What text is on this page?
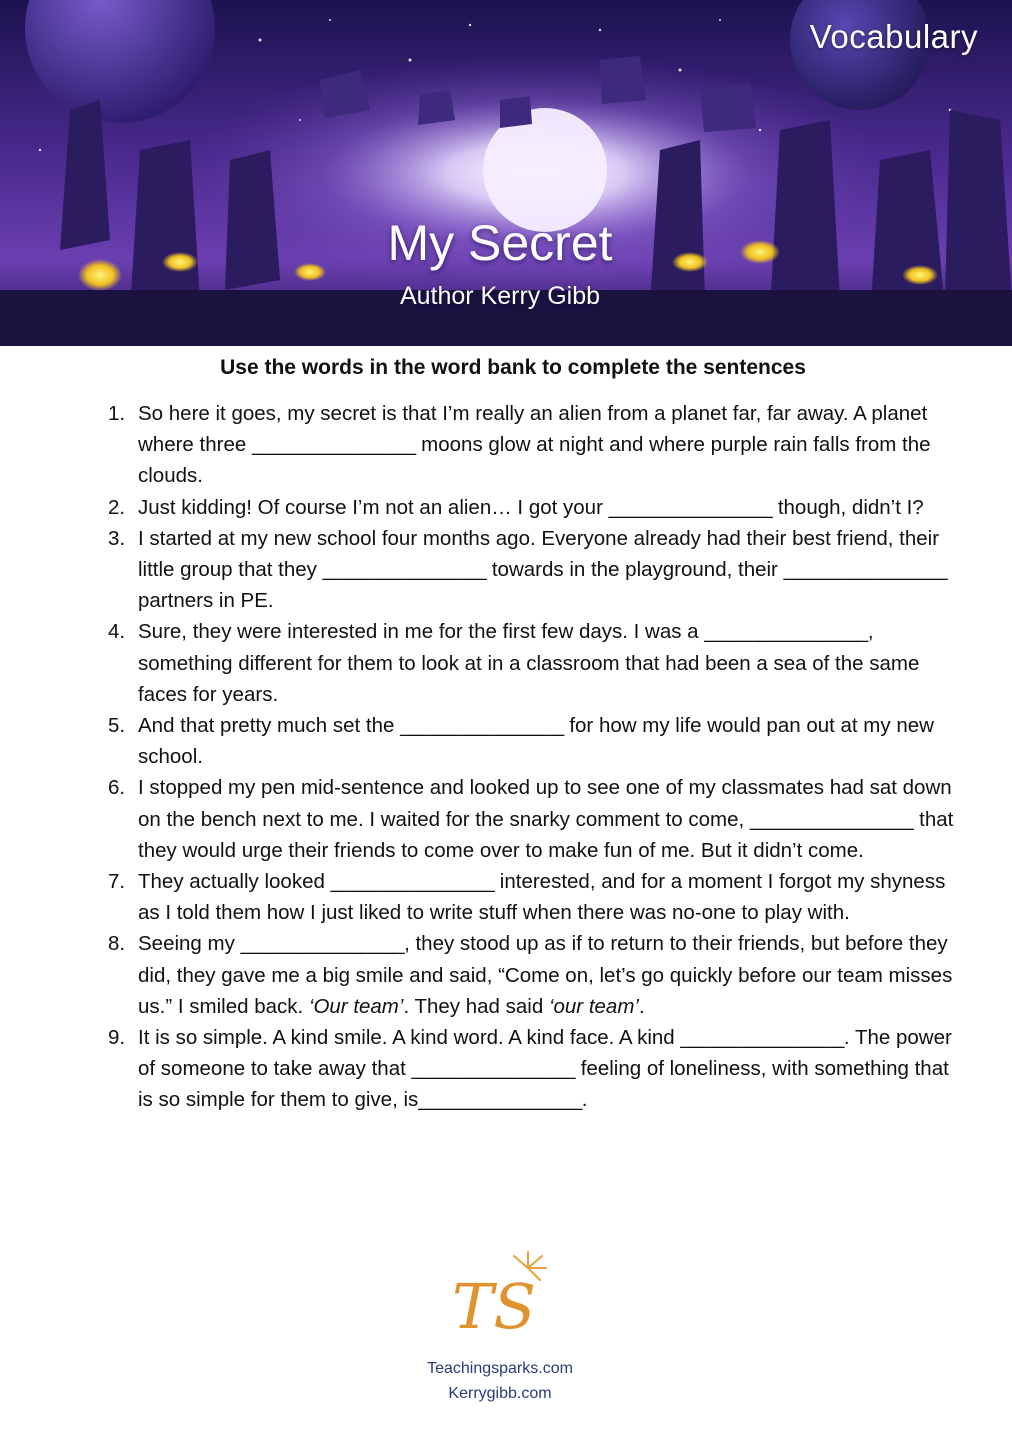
Vocabulary
My Secret
Author Kerry Gibb
Use the words in the word bank to complete the sentences
1. So here it goes, my secret is that I’m really an alien from a planet far, far away. A planet where three _______________ moons glow at night and where purple rain falls from the clouds.
2. Just kidding! Of course I’m not an alien… I got your _______________ though, didn’t I?
3. I started at my new school four months ago. Everyone already had their best friend, their little group that they _______________ towards in the playground, their _______________ partners in PE.
4. Sure, they were interested in me for the first few days. I was a _______________, something different for them to look at in a classroom that had been a sea of the same faces for years.
5. And that pretty much set the _______________ for how my life would pan out at my new school.
6. I stopped my pen mid-sentence and looked up to see one of my classmates had sat down on the bench next to me. I waited for the snarky comment to come, _______________ that they would urge their friends to come over to make fun of me. But it didn’t come.
7. They actually looked _______________ interested, and for a moment I forgot my shyness as I told them how I just liked to write stuff when there was no-one to play with.
8. Seeing my _______________, they stood up as if to return to their friends, but before they did, they gave me a big smile and said, “Come on, let’s go quickly before our team misses us.” I smiled back. ‘Our team’. They had said ‘our team’.
9. It is so simple. A kind smile. A kind word. A kind face. A kind _______________. The power of someone to take away that _______________ feeling of loneliness, with something that is so simple for them to give, is_______________.
TS
Teachingsparks.com
Kerrygibb.com
